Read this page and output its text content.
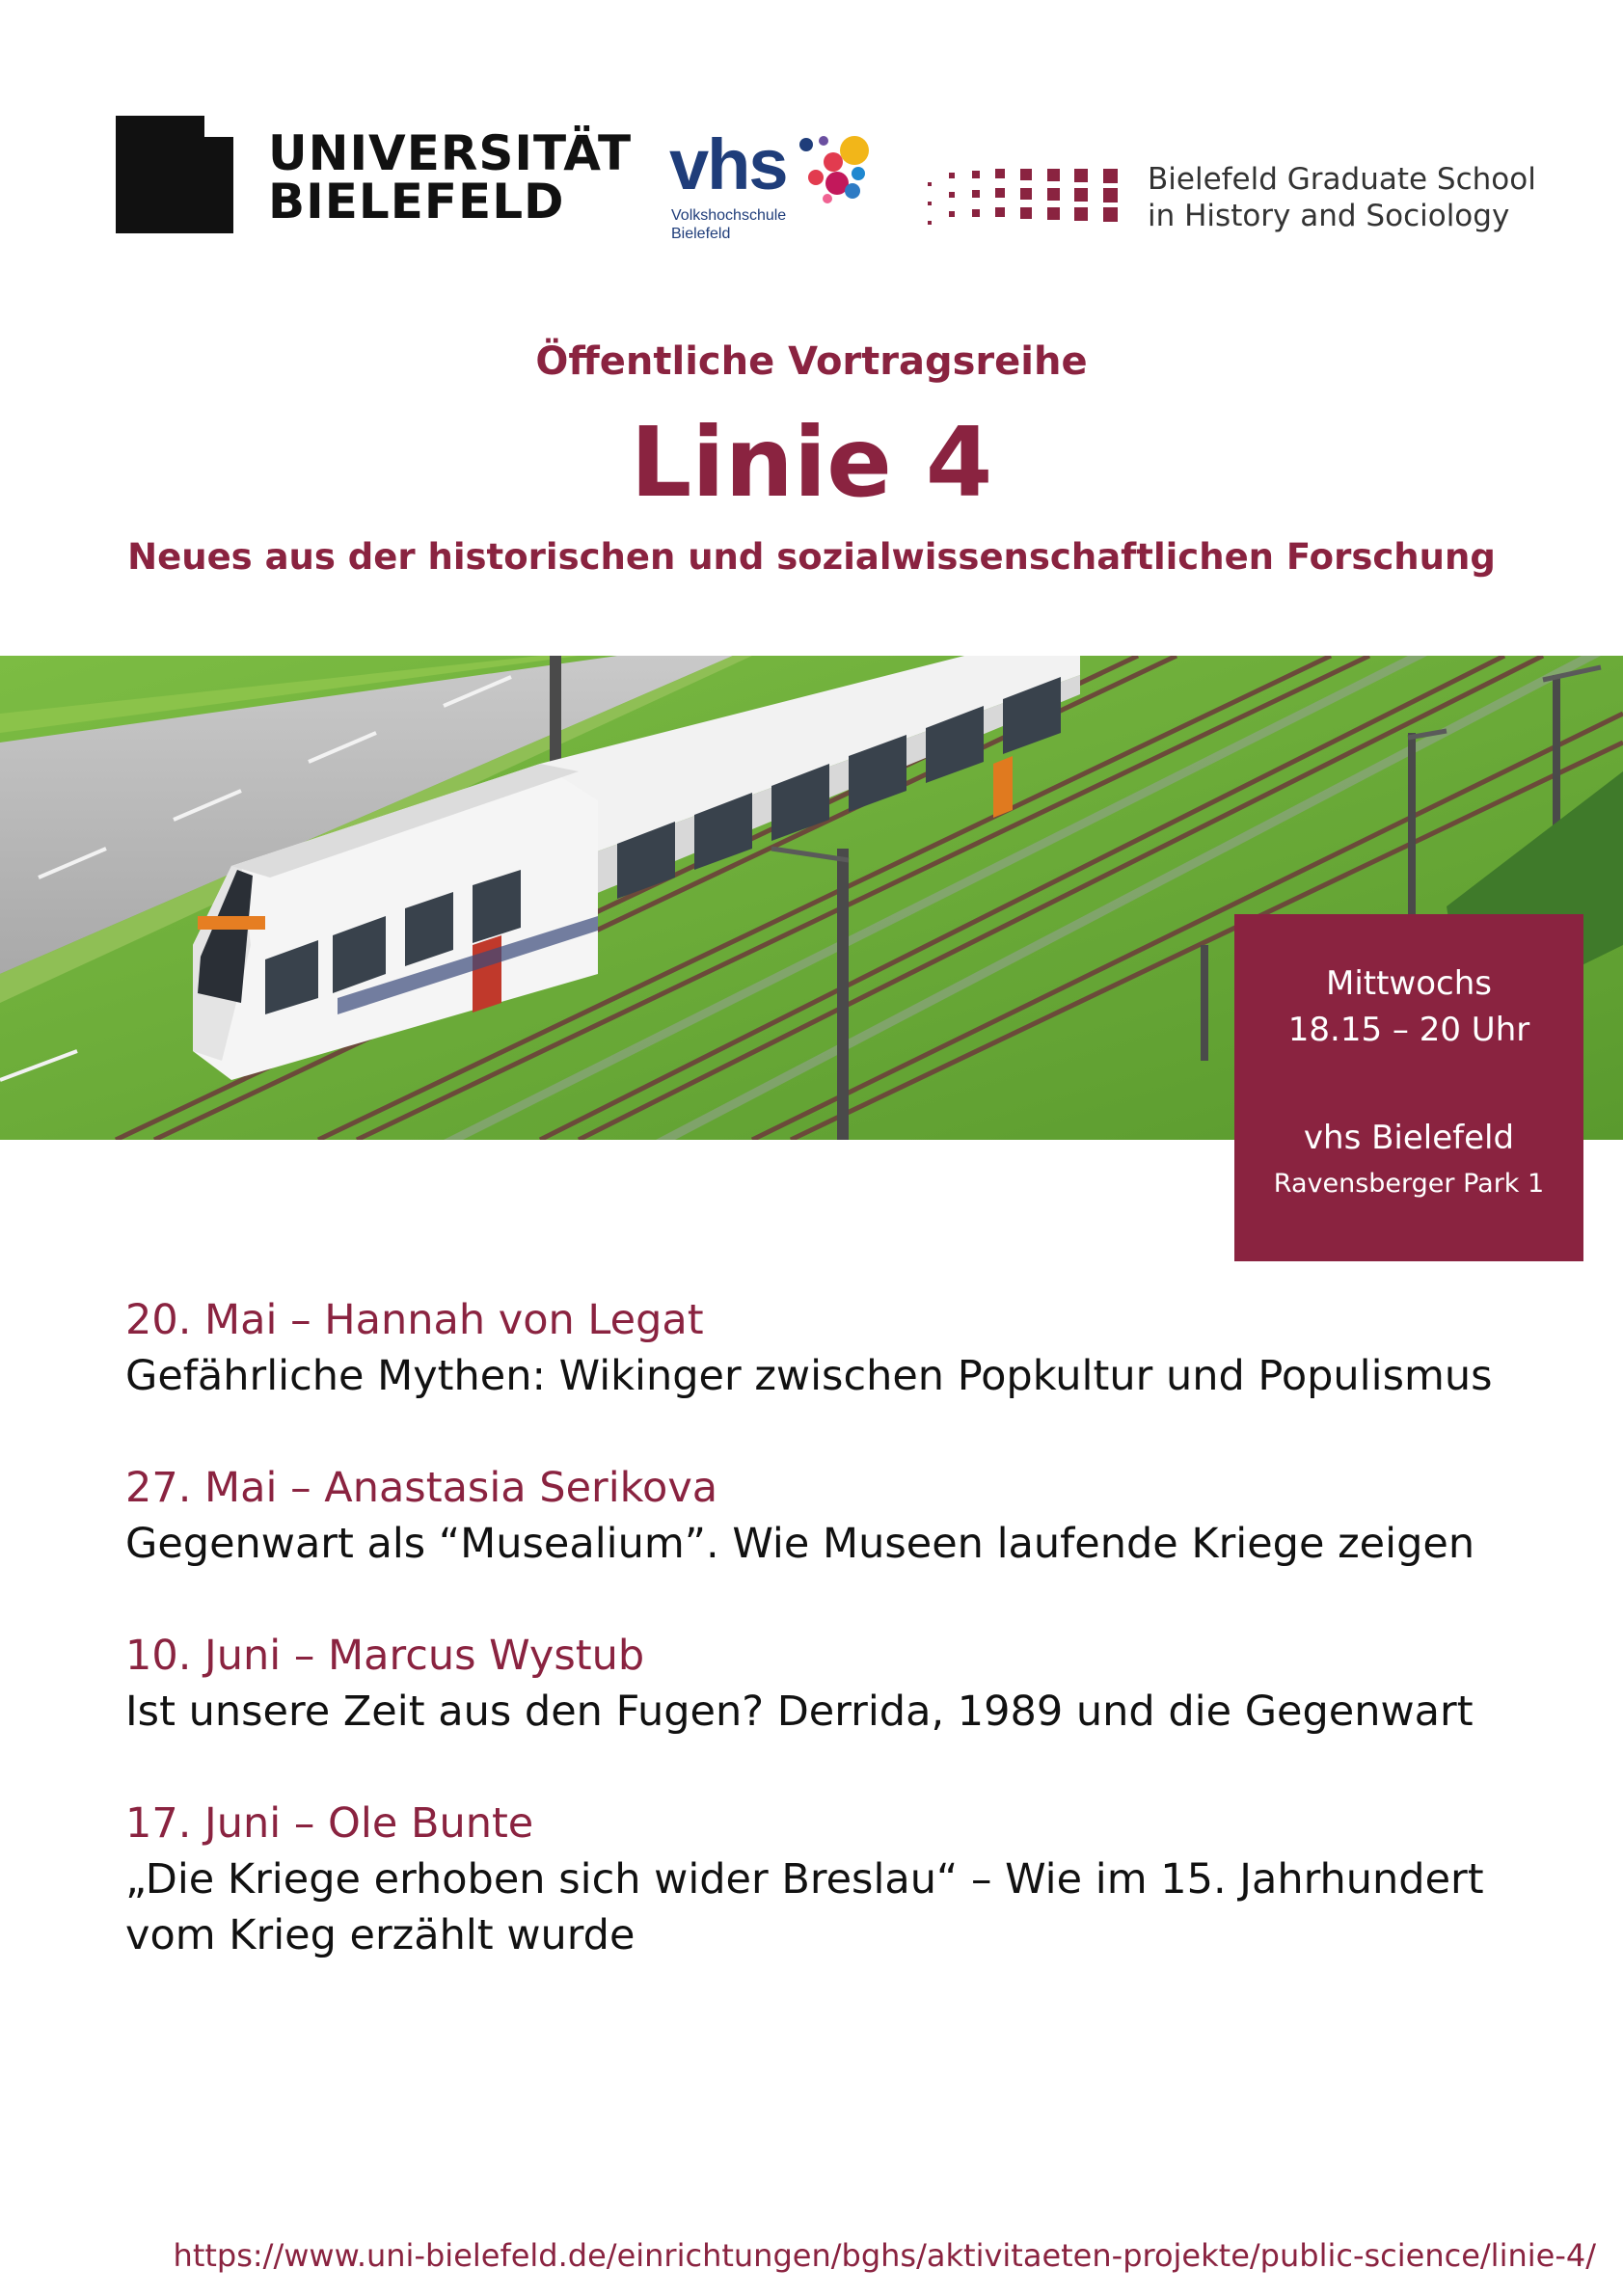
UNIVERSITÄT
BIELEFELD	vhs
Volkshochschule
Bielefeld
Bielefeld Graduate School
in History and Sociology
Öffentliche Vortragsreihe
Linie 4
Neues aus der historischen und sozialwissenschaftlichen Forschung
Mittwochs
18.15 – 20 Uhr
vhs Bielefeld
Ravensberger Park 1
20. Mai – Hannah von Legat
Gefährliche Mythen: Wikinger zwischen Popkultur und Populismus
27. Mai – Anastasia Serikova
Gegenwart als “Musealium”. Wie Museen laufende Kriege zeigen
10. Juni – Marcus Wystub
Ist unsere Zeit aus den Fugen? Derrida, 1989 und die Gegenwart
17. Juni – Ole Bunte
„Die Kriege erhoben sich wider Breslau“ – Wie im 15. Jahrhundert vom Krieg erzählt wurde
https://www.uni-bielefeld.de/einrichtungen/bghs/aktivitaeten-projekte/public-science/linie-4/
